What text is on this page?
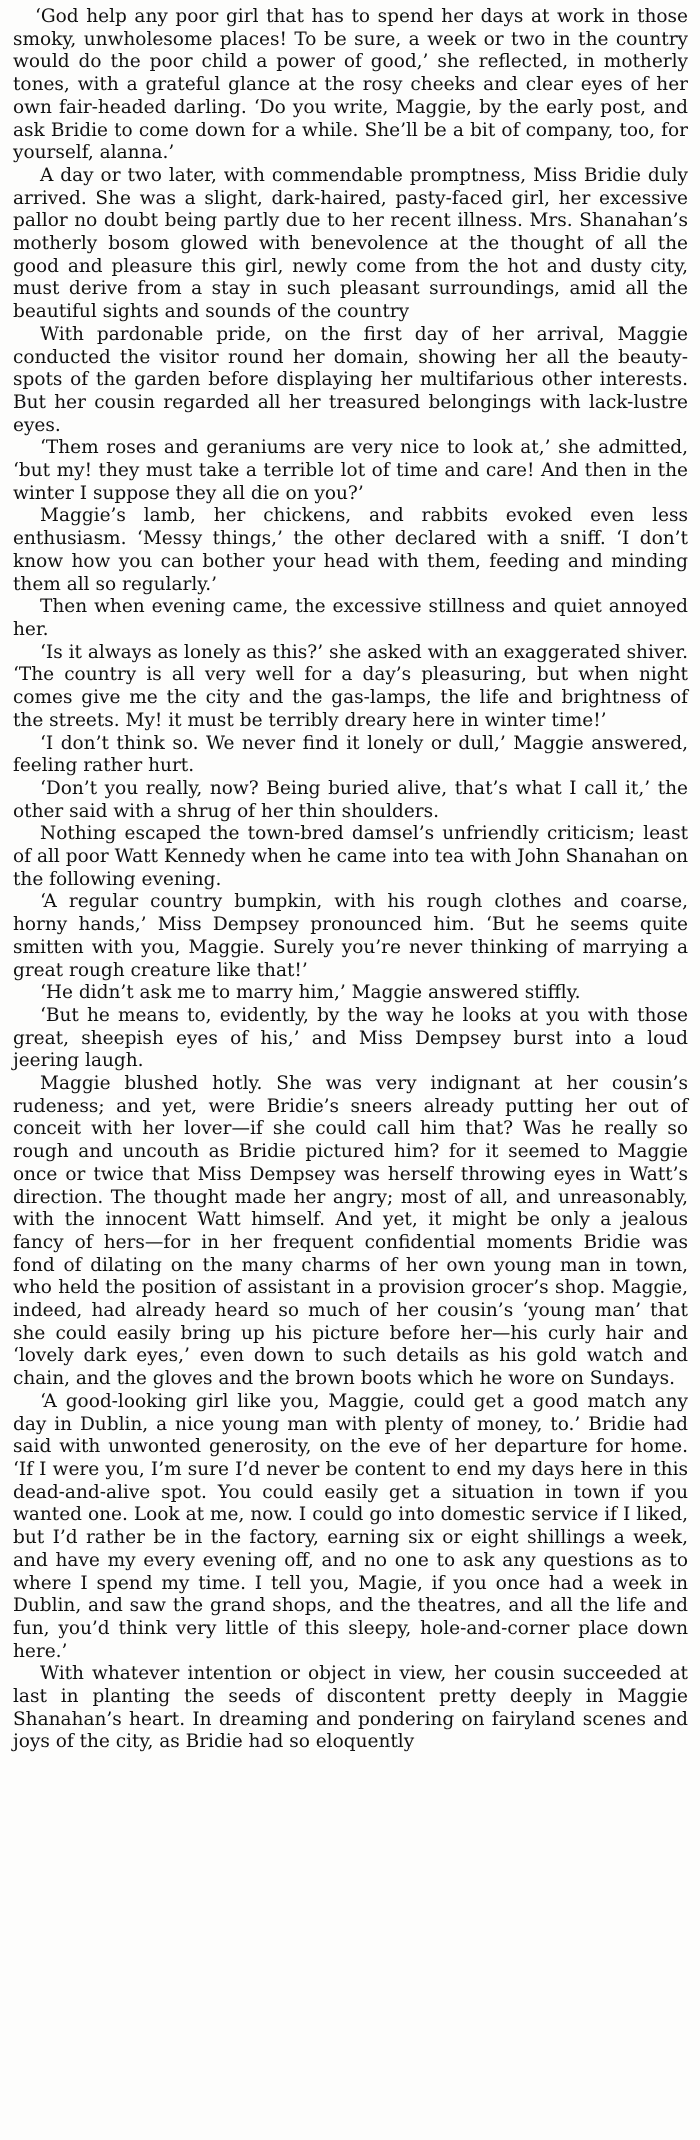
‘God help any poor girl that has to spend her days at work in those smoky, unwholesome places! To be sure, a week or two in the country would do the poor child a power of good,’ she reflected, in motherly tones, with a grateful glance at the rosy cheeks and clear eyes of her own fair-headed darling. ‘Do you write, Maggie, by the early post, and ask Bridie to come down for a while. She’ll be a bit of company, too, for yourself, alanna.’

A day or two later, with commendable promptness, Miss Bridie duly arrived. She was a slight, dark-haired, pasty-faced girl, her excessive pallor no doubt being partly due to her recent illness. Mrs. Shanahan’s motherly bosom glowed with benevolence at the thought of all the good and pleasure this girl, newly come from the hot and dusty city, must derive from a stay in such pleasant surroundings, amid all the beautiful sights and sounds of the country

With pardonable pride, on the first day of her arrival, Maggie conducted the visitor round her domain, showing her all the beauty-spots of the garden before displaying her multifarious other interests. But her cousin regarded all her treasured belongings with lack-lustre eyes.

‘Them roses and geraniums are very nice to look at,’ she admitted, ‘but my! they must take a terrible lot of time and care! And then in the winter I suppose they all die on you?’

Maggie’s lamb, her chickens, and rabbits evoked even less enthusiasm. ‘Messy things,’ the other declared with a sniff. ‘I don’t know how you can bother your head with them, feeding and minding them all so regularly.’

Then when evening came, the excessive stillness and quiet annoyed her.

‘Is it always as lonely as this?’ she asked with an exaggerated shiver. ‘The country is all very well for a day’s pleasuring, but when night comes give me the city and the gas-lamps, the life and brightness of the streets. My! it must be terribly dreary here in winter time!’

‘I don’t think so. We never find it lonely or dull,’ Maggie answered, feeling rather hurt.

‘Don’t you really, now? Being buried alive, that’s what I call it,’ the other said with a shrug of her thin shoulders.

Nothing escaped the town-bred damsel’s unfriendly criticism; least of all poor Watt Kennedy when he came into tea with John Shanahan on the following evening.

‘A regular country bumpkin, with his rough clothes and coarse, horny hands,’ Miss Dempsey pronounced him. ‘But he seems quite smitten with you, Maggie. Surely you’re never thinking of marrying a great rough creature like that!’

‘He didn’t ask me to marry him,’ Maggie answered stiffly.

‘But he means to, evidently, by the way he looks at you with those great, sheepish eyes of his,’ and Miss Dempsey burst into a loud jeering laugh.

Maggie blushed hotly. She was very indignant at her cousin’s rudeness; and yet, were Bridie’s sneers already putting her out of conceit with her lover—if she could call him that? Was he really so rough and uncouth as Bridie pictured him? for it seemed to Maggie once or twice that Miss Dempsey was herself throwing eyes in Watt’s direction. The thought made her angry; most of all, and unreasonably, with the innocent Watt himself. And yet, it might be only a jealous fancy of hers—for in her frequent confidential moments Bridie was fond of dilating on the many charms of her own young man in town, who held the position of assistant in a provision grocer’s shop. Maggie, indeed, had already heard so much of her cousin’s ‘young man’ that she could easily bring up his picture before her—his curly hair and ‘lovely dark eyes,’ even down to such details as his gold watch and chain, and the gloves and the brown boots which he wore on Sundays.

‘A good-looking girl like you, Maggie, could get a good match any day in Dublin, a nice young man with plenty of money, to.’ Bridie had said with unwonted generosity, on the eve of her departure for home. ‘If I were you, I’m sure I’d never be content to end my days here in this dead-and-alive spot. You could easily get a situation in town if you wanted one. Look at me, now. I could go into domestic service if I liked, but I’d rather be in the factory, earning six or eight shillings a week, and have my every evening off, and no one to ask any questions as to where I spend my time. I tell you, Magie, if you once had a week in Dublin, and saw the grand shops, and the theatres, and all the life and fun, you’d think very little of this sleepy, hole-and-corner place down here.’

With whatever intention or object in view, her cousin succeeded at last in planting the seeds of discontent pretty deeply in Maggie Shanahan’s heart. In dreaming and pondering on fairyland scenes and joys of the city, as Bridie had so eloquently
